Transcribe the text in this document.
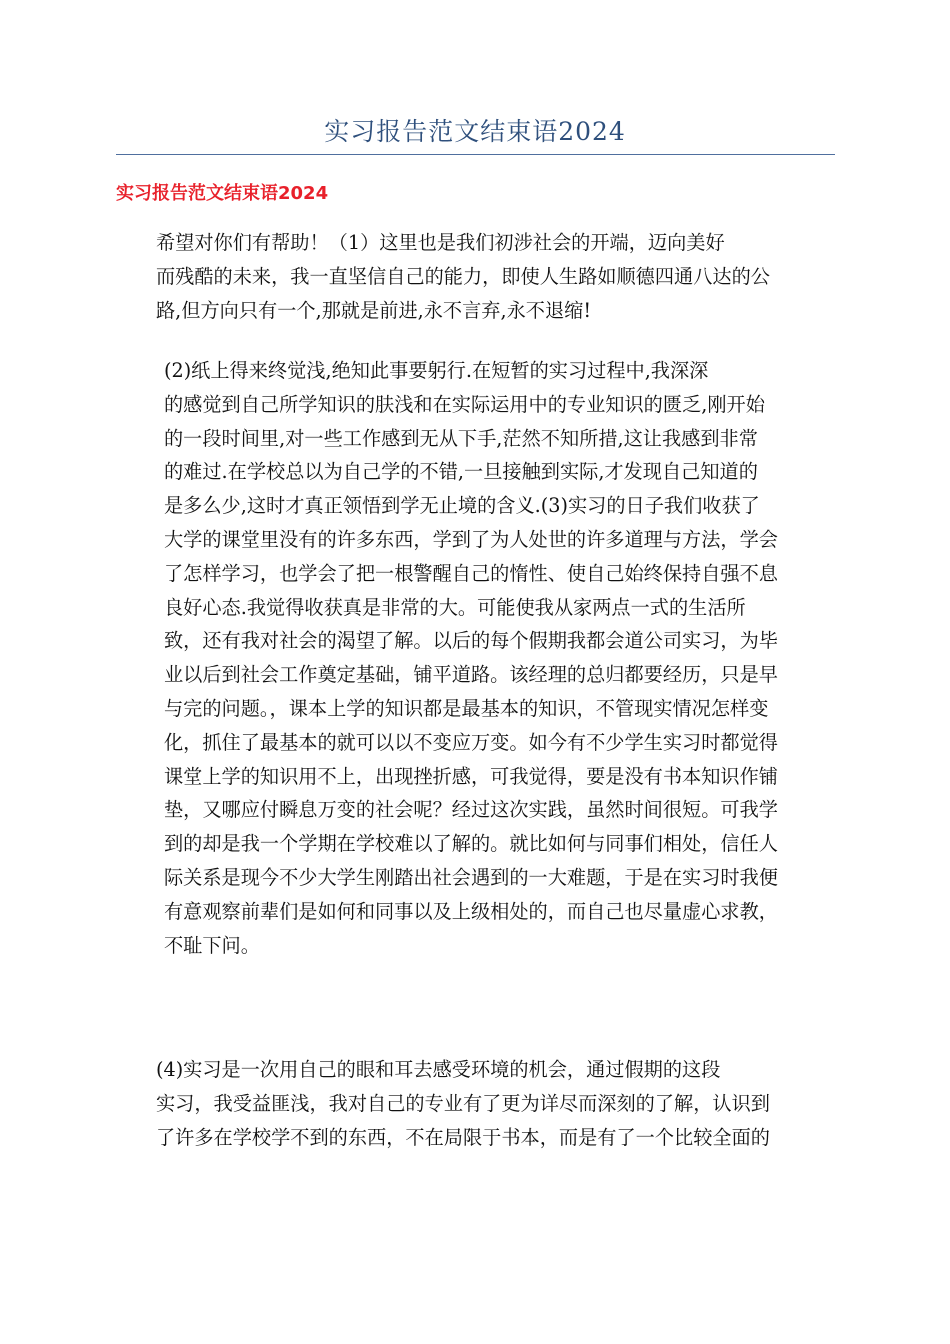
实习报告范文结束语2024
实习报告范文结束语2024

希望对你们有帮助！（1）这里也是我们初涉社会的开端，迈向美好
而残酷的未来，我一直坚信自己的能力，即使人生路如顺德四通八达的公
路,但方向只有一个,那就是前进,永不言弃,永不退缩!

(2)纸上得来终觉浅,绝知此事要躬行.在短暂的实习过程中,我深深
的感觉到自己所学知识的肤浅和在实际运用中的专业知识的匮乏,刚开始
的一段时间里,对一些工作感到无从下手,茫然不知所措,这让我感到非常
的难过.在学校总以为自己学的不错,一旦接触到实际,才发现自己知道的
是多么少,这时才真正领悟到学无止境的含义.(3)实习的日子我们收获了
大学的课堂里没有的许多东西，学到了为人处世的许多道理与方法，学会
了怎样学习，也学会了把一根警醒自己的惰性、使自己始终保持自强不息
良好心态.我觉得收获真是非常的大。可能使我从家两点一式的生活所
致，还有我对社会的渴望了解。以后的每个假期我都会道公司实习，为毕
业以后到社会工作奠定基础，铺平道路。该经理的总归都要经历，只是早
与完的问题。，课本上学的知识都是最基本的知识，不管现实情况怎样变
化，抓住了最基本的就可以以不变应万变。如今有不少学生实习时都觉得
课堂上学的知识用不上，出现挫折感，可我觉得，要是没有书本知识作铺
垫，又哪应付瞬息万变的社会呢？经过这次实践，虽然时间很短。可我学
到的却是我一个学期在学校难以了解的。就比如何与同事们相处，信任人
际关系是现今不少大学生刚踏出社会遇到的一大难题，于是在实习时我便
有意观察前辈们是如何和同事以及上级相处的，而自己也尽量虚心求教，
不耻下问。

(4)实习是一次用自己的眼和耳去感受环境的机会，通过假期的这段
实习，我受益匪浅，我对自己的专业有了更为详尽而深刻的了解，认识到
了许多在学校学不到的东西，不在局限于书本，而是有了一个比较全面的
